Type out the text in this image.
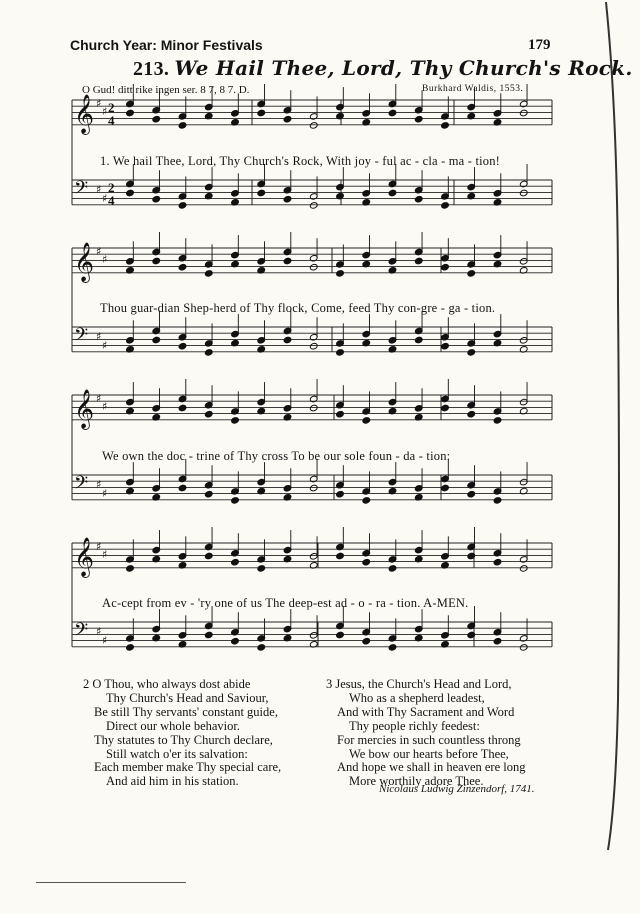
Church Year: Minor Festivals	179
213. We Hail Thee, Lord, Thy Church's Rock.
O Gud! ditt rike ingen ser. 8 7, 8 7. D.	Burkhard Waldis, 1553.
𝄞 ♯
♯ 2
4
𝄢 ♯
♯
2
4
𝄞 ♯
♯
𝄢 ♯
♯
𝄞 ♯
♯
𝄢 ♯
♯
𝄞 ♯
♯
𝄢 ♯
♯
1. We hail Thee, Lord, Thy Church's Rock, With joy - ful ac - cla - ma - tion!
Thou guar-dian Shep-herd of Thy flock, Come, feed Thy con-gre - ga - tion.
We own the doc - trine of Thy cross To be our sole foun - da - tion:
Ac-cept from ev - 'ry one of us The deep-est ad - o - ra - tion. A-MEN.
2 O Thou, who always dost abide
Thy Church's Head and Saviour,
Be still Thy servants' constant guide,
Direct our whole behavior.
Thy statutes to Thy Church declare,
Still watch o'er its salvation:
Each member make Thy special care,
And aid him in his station.
3 Jesus, the Church's Head and Lord,
Who as a shepherd leadest,
And with Thy Sacrament and Word
Thy people richly feedest:
For mercies in such countless throng
We bow our hearts before Thee,
And hope we shall in heaven ere long
More worthily adore Thee.
Nicolaus Ludwig Zinzendorf, 1741.
